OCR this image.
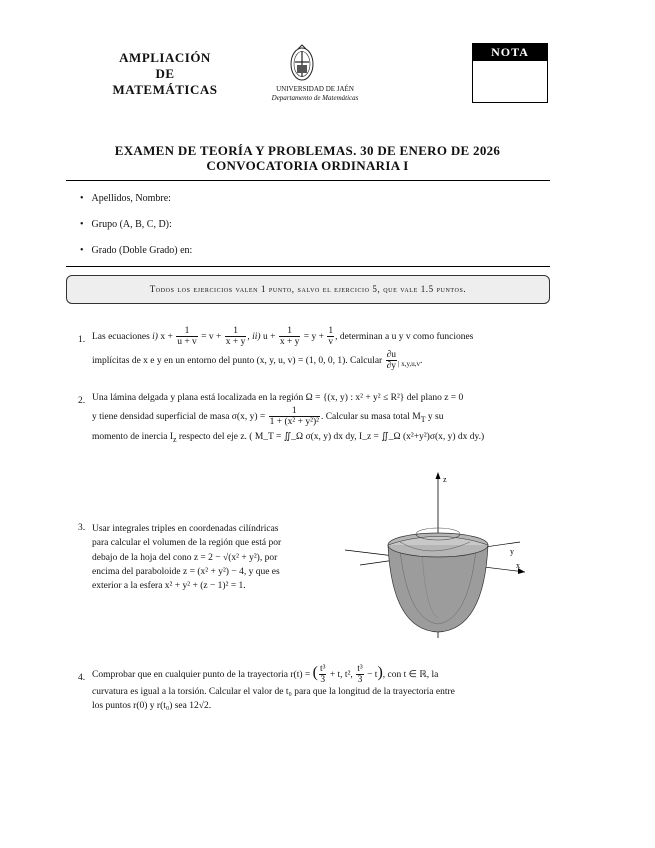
AMPLIACIÓN
DE
MATEMÁTICAS	UNIVERSIDAD DE JAÉN
Departamento de Matemáticas
NOTA
EXAMEN DE TEORÍA Y PROBLEMAS. 30 DE ENERO DE 2026
CONVOCATORIA ORDINARIA I
• Apellidos, Nombre:
• Grupo (A, B, C, D):
• Grado (Doble Grado) en:
Todos los ejercicios valen 1 punto, salvo el ejercicio 5, que vale 1.5 puntos.
1. Las ecuaciones i) $x + \frac{1}{u + v} = v + \frac{1}{x + y}$ , ii) $u + \frac{1}{x + y} = y + \frac{1}{v}$ , determinan a u y v como funciones
implícitas de x e y en un entorno del punto (x, y, u, v) = (1, 0, 0, 1). Calcular $\frac{\partial u}{\partial y} _{| x,y,u,v}$.
2. Una lámina delgada y plana está localizada en la región Ω = {(x, y) : x² + y² ≤ R²} del plano z = 0
y tiene densidad superficial de masa σ(x, $y) = \frac{1}{\text{1 + (x² + y²)²}}$ . Calcular su masa total $M_T$ y su
momento de inercia $I_z$ respecto del eje z. ( M_T = ∬_Ω σ(x, y) dx dy, I_z = ∬_Ω (x²+y²)σ(x, y) dx dy.)
3. Usar integrales triples en coordenadas cilíndricas
para calcular el volumen de la región que está por
debajo de la hoja del cono z = 2 − √(x² + y²), por
encima del paraboloide z = (x² + y²) − 4, y que es
exterior a la esfera x² + y² + (z − 1)² = 1.
z
y
x
4. Comprobar que en cualquier punto de la trayectoria r(t) = ( $\frac{\text{t³}}{3} + t$, t², $\frac{\text{t³}}{3} - t$), con t ∈ ℝ, la
curvatura es igual a la torsión. Calcular el valor de t₀ para que la longitud de la trayectoria entre
los puntos r(0) y r(t₀) sea 12√2.
